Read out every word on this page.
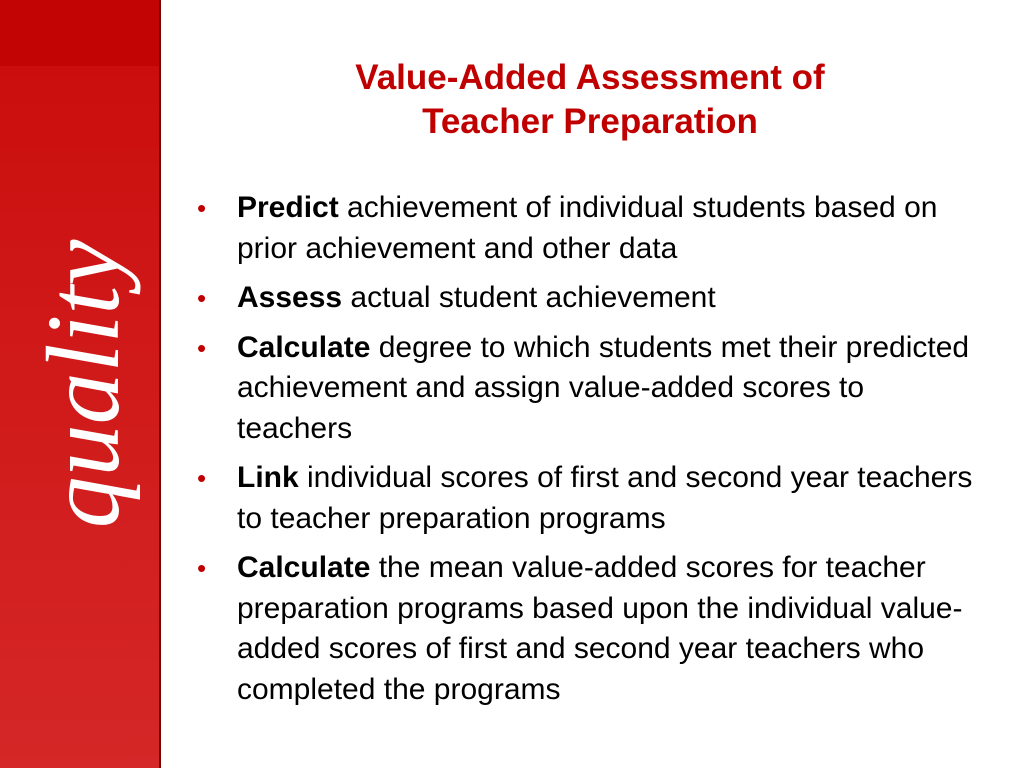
quality
Value-Added Assessment of
Teacher Preparation
• Predict achievement of individual students based on prior achievement and other data
• Assess actual student achievement
• Calculate degree to which students met their predicted achievement and assign value-added scores to teachers
• Link individual scores of first and second year teachers to teacher preparation programs
• Calculate the mean value-added scores for teacher preparation programs based upon the individual value-added scores of first and second year teachers who completed the programs
